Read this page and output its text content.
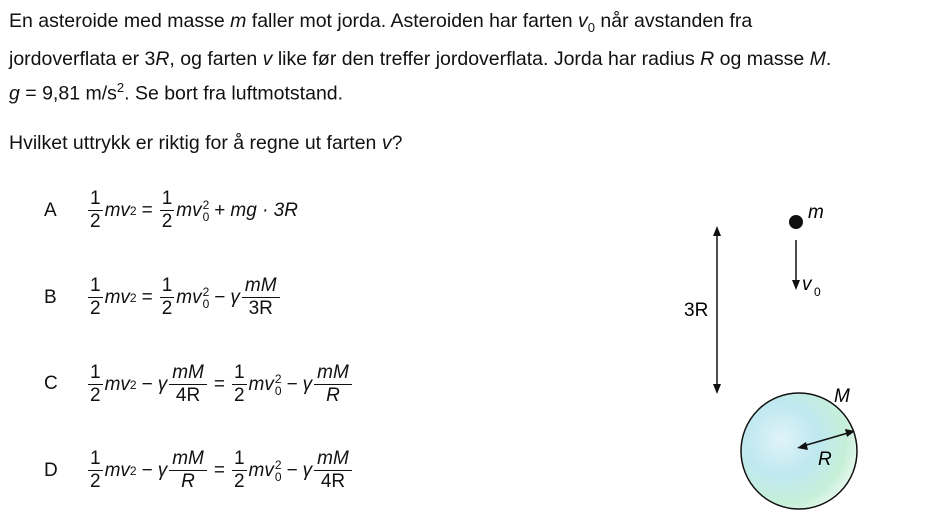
En asteroide med masse m faller mot jorda. Asteroiden har farten $v_0$ når avstanden fra
jordoverflata er 3R, og farten v like før den treffer jordoverflata. Jorda har radius R og masse M.
g = 9,81 $m/s^2$. Se bort fra luftmotstand.
Hvilket uttrykk er riktig for å regne ut farten v?
A $\frac{1}{2}$ mv $2 = \frac{1}{2}$ mv 2
0 + mg · 3R
B $\frac{1}{2}$ mv $2 = \frac{1}{2}$ mv 2
0 − γ $\frac{mM}{3R}$
C $\frac{1}{2}$ mv 2 − γ $\frac{mM}{4R} = \frac{1}{2}$ mv 2
0 − γ $\frac{mM}{R}$
D $\frac{1}{2}$ mv 2 − γ $\frac{mM}{R} = \frac{1}{2}$ mv 2
0 − γ $\frac{mM}{4R}$
3R
m
v 0
M
R
